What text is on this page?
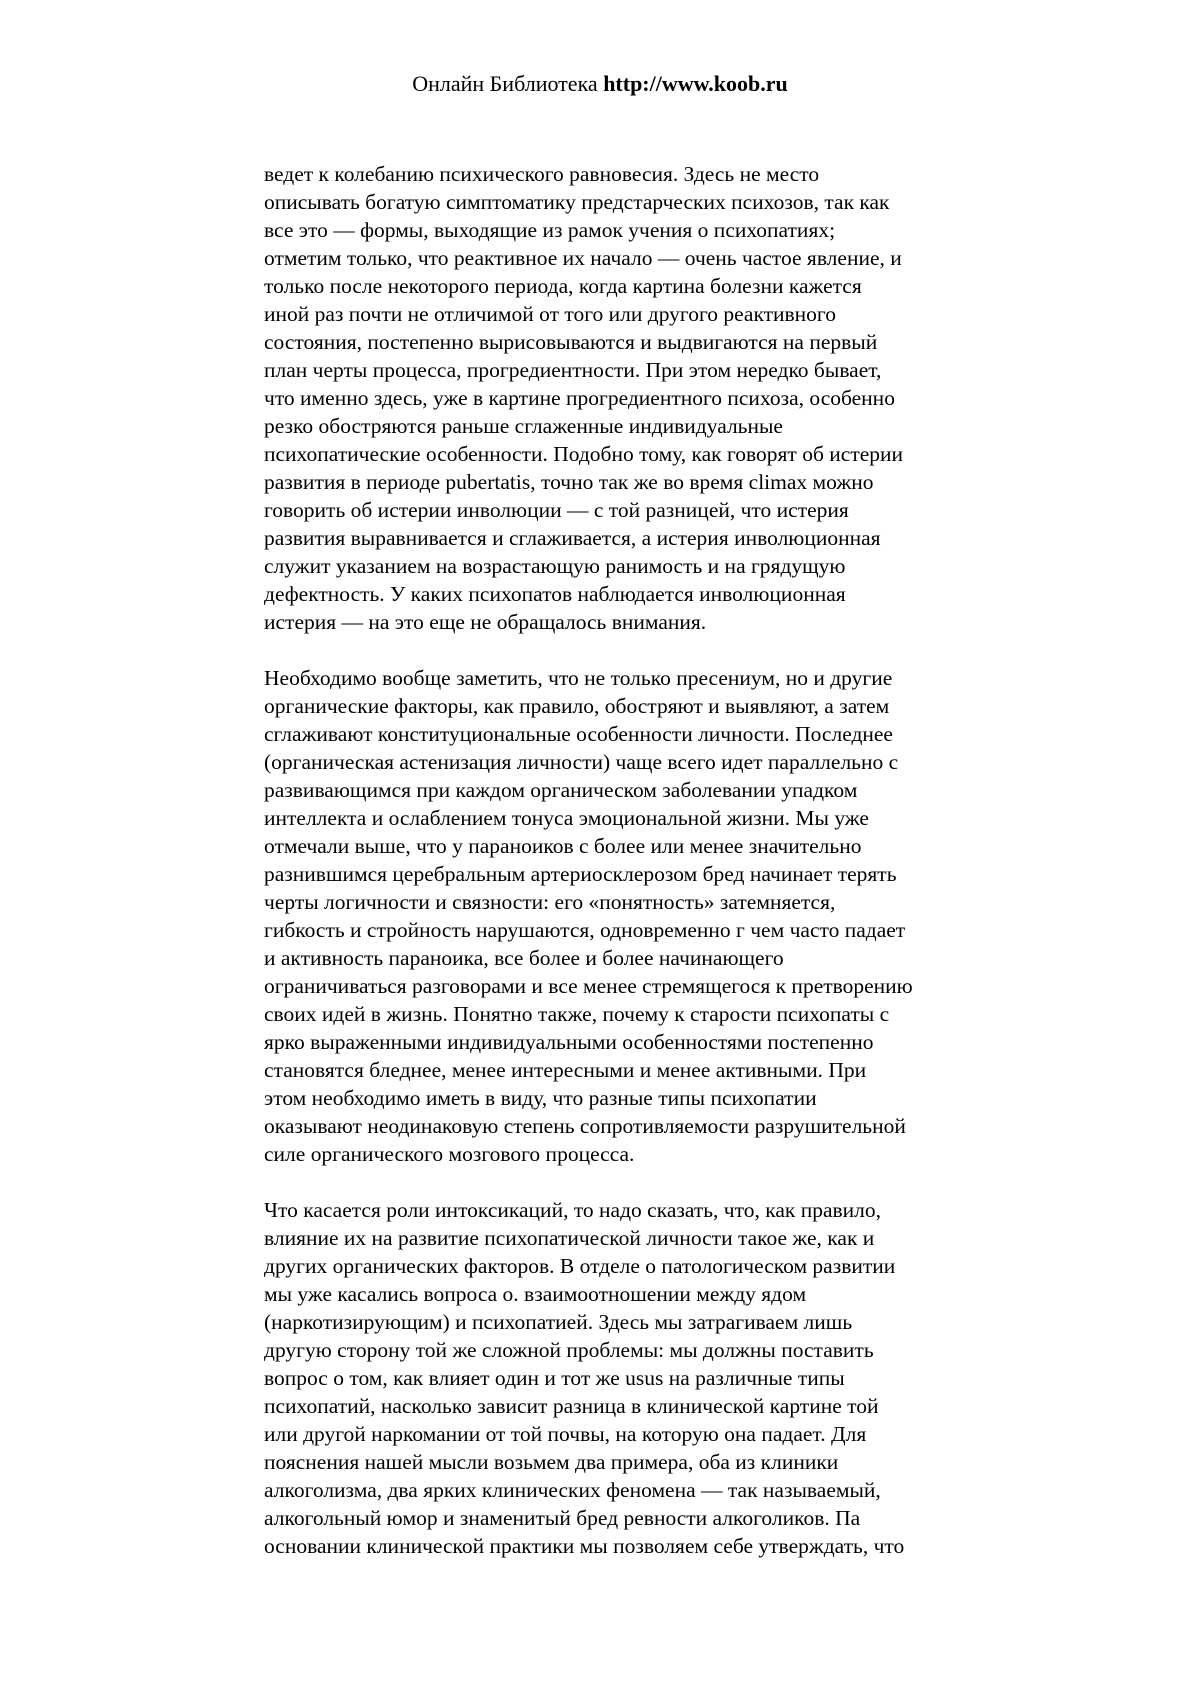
Онлайн Библиотека http://www.koob.ru
ведет к колебанию психического равновесия. Здесь не место
описывать богатую симптоматику предстарческих психозов, так как
все это — формы, выходящие из рамок учения о психопатиях;
отметим только, что реактивное их начало — очень частое явление, и
только после некоторого периода, когда картина болезни кажется
иной раз почти не отличимой от того или другого реактивного
состояния, постепенно вырисовываются и выдвигаются на первый
план черты процесса, прогредиентности. При этом нередко бывает,
что именно здесь, уже в картине прогредиентного психоза, особенно
резко обостряются раньше сглаженные индивидуальные
психопатические особенности. Подобно тому, как говорят об истерии
развития в периоде pubertatis, точно так же во время climax можно
говорить об истерии инволюции — с той разницей, что истерия
развития выравнивается и сглаживается, а истерия инволюционная
служит указанием на возрастающую ранимость и на грядущую
дефектность. У каких психопатов наблюдается инволюционная
истерия — на это еще не обращалось внимания.
Необходимо вообще заметить, что не только пресениум, но и другие
органические факторы, как правило, обостряют и выявляют, а затем
сглаживают конституциональные особенности личности. Последнее
(органическая астенизация личности) чаще всего идет параллельно с
развивающимся при каждом органическом заболевании упадком
интеллекта и ослаблением тонуса эмоциональной жизни. Мы уже
отмечали выше, что у параноиков с более или менее значительно
разнившимся церебральным артериосклерозом бред начинает терять
черты логичности и связности: его «понятность» затемняется,
гибкость и стройность нарушаются, одновременно г чем часто падает
и активность параноика, все более и более начинающего
ограничиваться разговорами и все менее стремящегося к претворению
своих идей в жизнь. Понятно также, почему к старости психопаты с
ярко выраженными индивидуальными особенностями постепенно
становятся бледнее, менее интересными и менее активными. При
этом необходимо иметь в виду, что разные типы психопатии
оказывают неодинаковую степень сопротивляемости разрушительной
силе органического мозгового процесса.
Что касается роли интоксикаций, то надо сказать, что, как правило,
влияние их на развитие психопатической личности такое же, как и
других органических факторов. В отделе о патологическом развитии
мы уже касались вопроса о. взаимоотношении между ядом
(наркотизирующим) и психопатией. Здесь мы затрагиваем лишь
другую сторону той же сложной проблемы: мы должны поставить
вопрос о том, как влияет один и тот же usus на различные типы
психопатий, насколько зависит разница в клинической картине той
или другой наркомании от той почвы, на которую она падает. Для
пояснения нашей мысли возьмем два примера, оба из клиники
алкоголизма, два ярких клинических феномена — так называемый,
алкогольный юмор и знаменитый бред ревности алкоголиков. Па
основании клинической практики мы позволяем себе утверждать, что
